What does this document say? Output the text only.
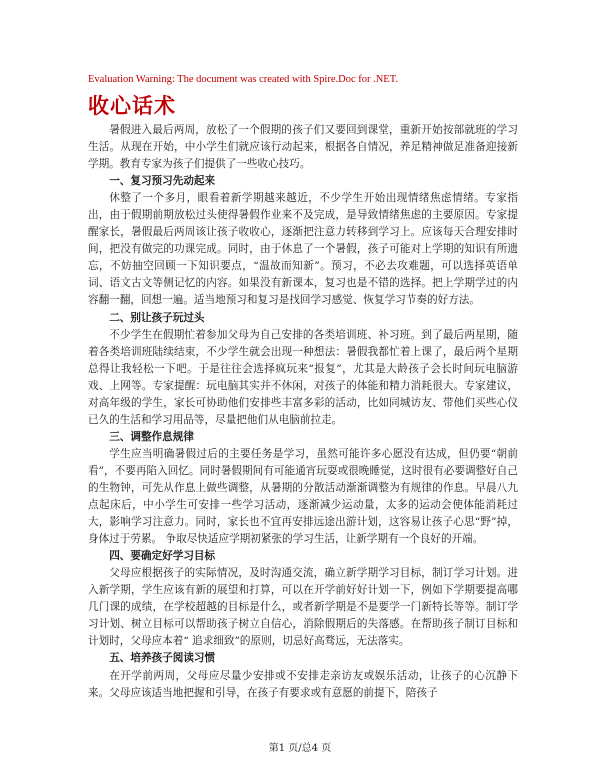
Evaluation Warning: The document was created with Spire.Doc for .NET.
收心话术

暑假进入最后两周，放松了一个假期的孩子们又要回到课堂，重新开始按部就班的学习生活。从现在开始，中小学生们就应该行动起来，根据各自情况，养足精神做足准备迎接新学期。教育专家为孩子们提供了一些收心技巧。

一、复习预习先动起来

休整了一个多月，眼看着新学期越来越近，不少学生开始出现情绪焦虑情绪。专家指出，由于假期前期放松过头使得暑假作业来不及完成，是导致情绪焦虑的主要原因。专家提醒家长，暑假最后两周该让孩子收收心，逐渐把注意力转移到学习上。应该每天合理安排时间，把没有做完的功课完成。同时，由于休息了一个暑假，孩子可能对上学期的知识有所遗忘，不妨抽空回顾一下知识要点，“温故而知新”。预习，不必去攻难题，可以选择英语单词、语文古文等侧记忆的内容。如果没有新课本，复习也是不错的选择。把上学期学过的内容翻一翻，回想一遍。适当地预习和复习是找回学习感觉、恢复学习节奏的好方法。

二、别让孩子玩过头

不少学生在假期忙着参加父母为自己安排的各类培训班、补习班。到了最后两星期，随着各类培训班陆续结束，不少学生就会出现一种想法：暑假我都忙着上课了，最后两个星期总得让我轻松一下吧。于是往往会选择疯玩来“报复”，尤其是大龄孩子会长时间玩电脑游戏、上网等。专家提醒：玩电脑其实并不休闲，对孩子的体能和精力消耗很大。专家建议，对高年级的学生，家长可协助他们安排些丰富多彩的活动，比如同城访友、带他们买些心仪已久的生活和学习用品等，尽量把他们从电脑前拉走。

三、调整作息规律

学生应当明确暑假过后的主要任务是学习，虽然可能许多心愿没有达成，但仍要“朝前看”，不要再陷入回忆。同时暑假期间有可能通宵玩耍或很晚睡觉，这时很有必要调整好自己的生物钟，可先从作息上做些调整，从暑期的分散活动渐渐调整为有规律的作息。早晨八九点起床后，中小学生可安排一些学习活动，逐渐减少运动量，太多的运动会使体能消耗过大，影响学习注意力。同时，家长也不宜再安排远途出游计划，这容易让孩子心思“野”掉，身体过于劳累。 争取尽快适应学期初紧张的学习生活，让新学期有一个良好的开端。

四、要确定好学习目标

父母应根据孩子的实际情况，及时沟通交流，确立新学期学习目标，制订学习计划。进入新学期，学生应该有新的展望和打算，可以在开学前好好计划一下，例如下学期要提高哪几门课的成绩，在学校超越的目标是什么，或者新学期是不是要学一门新特长等等。制订学习计划、树立目标可以帮助孩子树立自信心，消除假期后的失落感。在帮助孩子制订目标和计划时，父母应本着“ 追求细致”的原则，切忌好高骛远，无法落实。

五、培养孩子阅读习惯

在开学前两周，父母应尽量少安排或不安排走亲访友或娱乐活动，让孩子的心沉静下来。父母应该适当地把握和引导，在孩子有要求或有意愿的前提下，陪孩子

第1 页/总4 页
